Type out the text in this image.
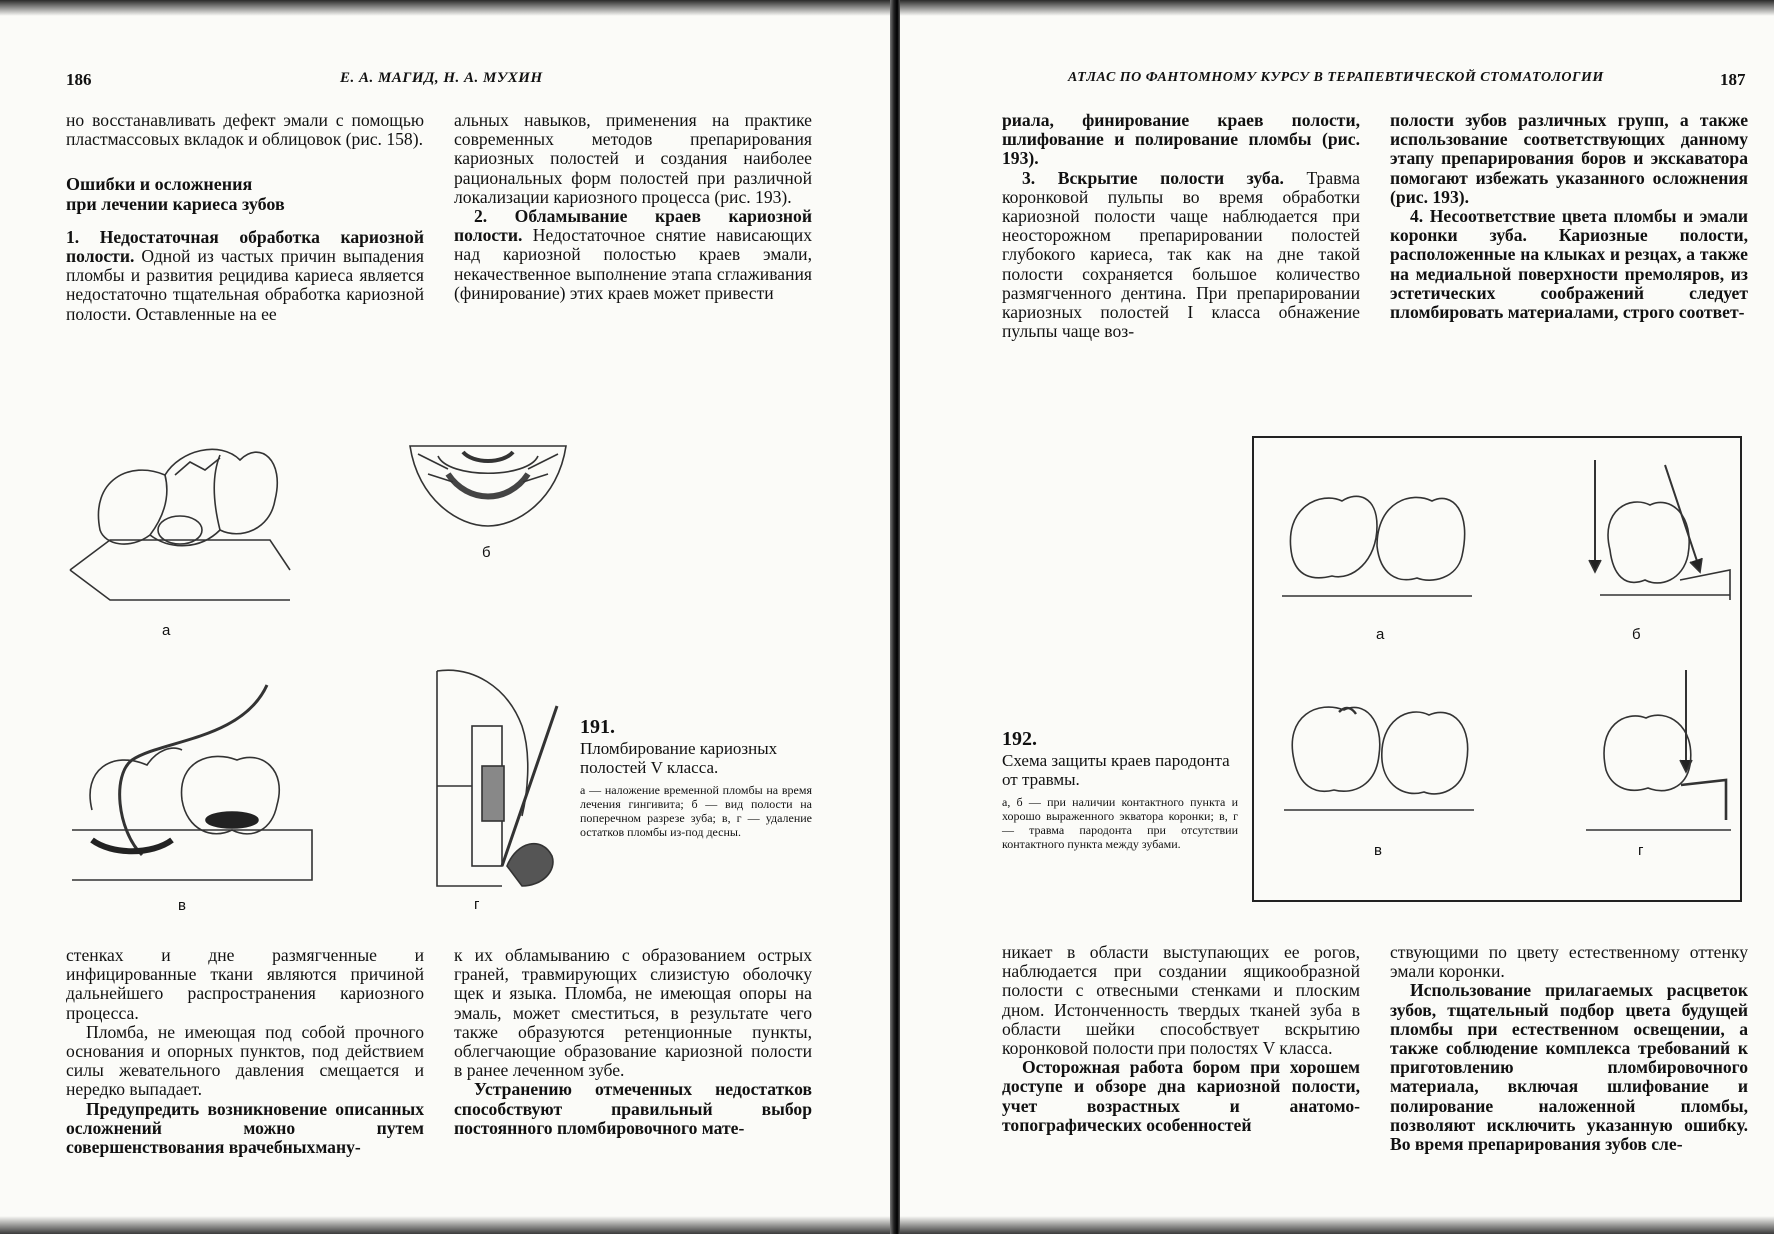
186	Е. А. МАГИД, Н. А. МУХИН

но восстанавливать дефект эмали с помощью пластмассовых вкладок и облицовок (рис. 158).

Ошибки и осложнения
при лечении кариеса зубов

1. Недостаточная обработка кариозной полости. Одной из частых причин выпадения пломбы и развития рецидива кариеса является недостаточно тщательная обработка кариозной полости. Оставленные на ее

альных навыков, применения на практике современных методов препарирования кариозных полостей и создания наиболее рациональных форм полостей при различной локализации кариозного процесса (рис. 193).

2. Обламывание краев кариозной полости. Недостаточное снятие нависающих над кариозной полостью краев эмали, некачественное выполнение этапа сглаживания (финирование) этих краев может привести

а
б
в	г
191.
Пломбирование кариозных полостей V класса.
а — наложение временной пломбы на время лечения гингивита; б — вид полости на поперечном разрезе зуба; в, г — удаление остатков пломбы из-под десны.

стенках и дне размягченные и инфицированные ткани являются причиной дальнейшего распространения кариозного процесса.

Пломба, не имеющая под собой прочного основания и опорных пунктов, под действием силы жевательного давления смещается и нередко выпадает.

Предупредить возникновение описанных осложнений можно путем совершенствования врачебныхману-

к их обламыванию с образованием острых граней, травмирующих слизистую оболочку щек и языка. Пломба, не имеющая опоры на эмаль, может сместиться, в результате чего также образуются ретенционные пункты, облегчающие образование кариозной полости в ранее леченном зубе.

Устранению отмеченных недостатков способствуют правильный выбор постоянного пломбировочного мате-

АТЛАС ПО ФАНТОМНОМУ КУРСУ В ТЕРАПЕВТИЧЕСКОЙ СТОМАТОЛОГИИ	187

риала, финирование краев полости, шлифование и полирование пломбы (рис. 193).

3. Вскрытие полости зуба. Травма коронковой пульпы во время обработки кариозной полости чаще наблюдается при неосторожном препарировании полостей глубокого кариеса, так как на дне такой полости сохраняется большое количество размягченного дентина. При препарировании кариозных полостей I класса обнажение пульпы чаще воз-

полости зубов различных групп, а также использование соответствующих данному этапу препарирования боров и экскаватора помогают избежать указанного осложнения (рис. 193).

4. Несоответствие цвета пломбы и эмали коронки зуба. Кариозные полости, расположенные на клыках и резцах, а также на медиальной поверхности премоляров, из эстетических соображений следует пломбировать материалами, строго соответ-

а	б
в	г
192.
Схема защиты краев пародонта от травмы.
а, б — при наличии контактного пункта и хорошо выраженного экватора коронки; в, г — травма пародонта при отсутствии контактного пункта между зубами.

никает в области выступающих ее рогов, наблюдается при создании ящикообразной полости с отвесными стенками и плоским дном. Истонченность твердых тканей зуба в области шейки способствует вскрытию коронковой полости при полостях V класса.

Осторожная работа бором при хорошем доступе и обзоре дна кариозной полости, учет возрастных и анатомо-топографических особенностей

ствующими по цвету естественному оттенку эмали коронки.

Использование прилагаемых расцветок зубов, тщательный подбор цвета будущей пломбы при естественном освещении, а также соблюдение комплекса требований к приготовлению пломбировочного материала, включая шлифование и полирование наложенной пломбы, позволяют исключить указанную ошибку. Во время препарирования зубов сле-
